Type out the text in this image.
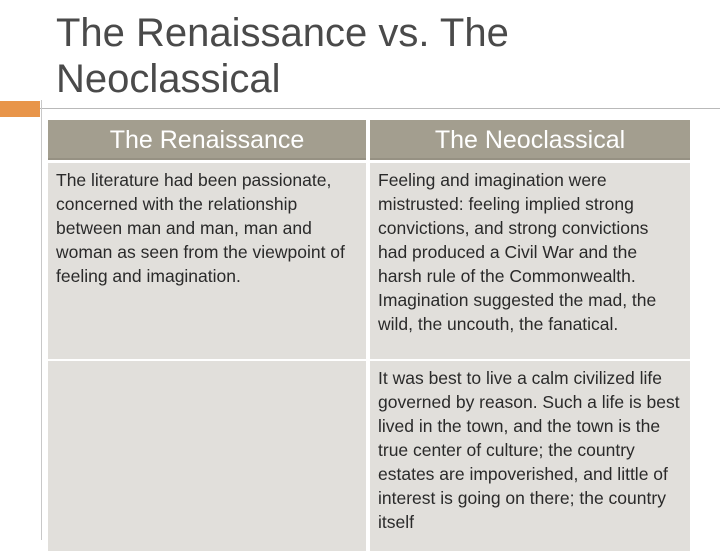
The Renaissance vs. The Neoclassical
The Renaissance	The Neoclassical
The literature had been passionate, concerned with the relationship between man and man, man and woman as seen from the viewpoint of feeling and imagination.
Feeling and imagination were mistrusted: feeling implied strong convictions, and strong convictions had produced a Civil War and the harsh rule of the Commonwealth. Imagination suggested the mad, the wild, the uncouth, the fanatical.
It was best to live a calm civilized life governed by reason. Such a life is best lived in the town, and the town is the true center of culture; the country estates are impoverished, and little of interest is going on there; the country itself
